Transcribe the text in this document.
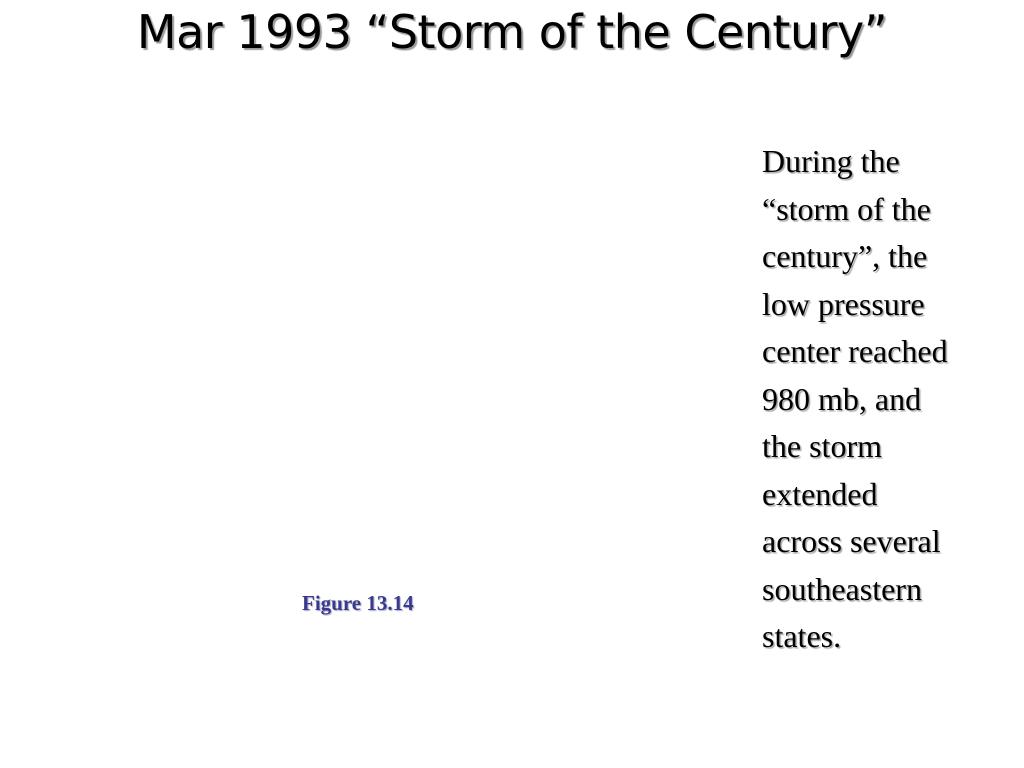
Mar 1993 “Storm of the Century”
During the
“storm of the
century”, the
low pressure
center reached
980 mb, and
the storm
extended
across several
southeastern
states.
Figure 13.14
